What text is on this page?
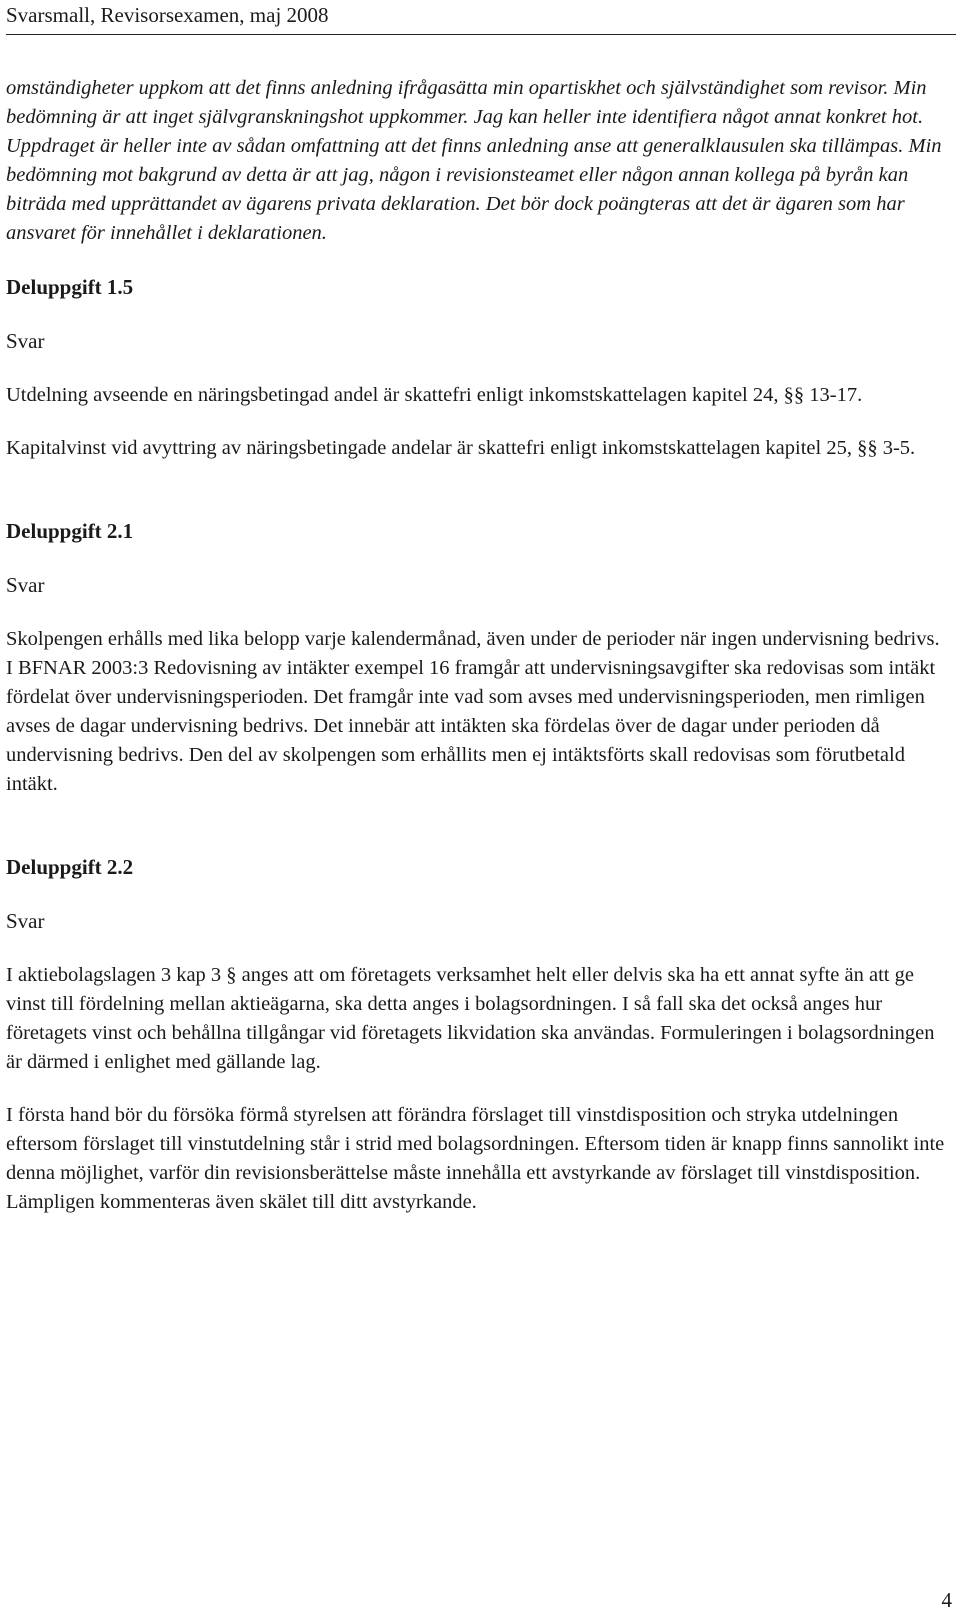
Svarsmall, Revisorsexamen, maj 2008

omständigheter uppkom att det finns anledning ifrågasätta min opartiskhet och självständighet som revisor. Min bedömning är att inget självgranskningshot uppkommer. Jag kan heller inte identifiera något annat konkret hot. Uppdraget är heller inte av sådan omfattning att det finns anledning anse att generalklausulen ska tillämpas. Min bedömning mot bakgrund av detta är att jag, någon i revisionsteamet eller någon annan kollega på byrån kan biträda med upprättandet av ägarens privata deklaration. Det bör dock poängteras att det är ägaren som har ansvaret för innehållet i deklarationen.

Deluppgift 1.5

Svar

Utdelning avseende en näringsbetingad andel är skattefri enligt inkomstskattelagen kapitel 24, §§ 13-17.

Kapitalvinst vid avyttring av näringsbetingade andelar är skattefri enligt inkomstskattelagen kapitel 25, §§ 3-5.

Deluppgift 2.1

Svar

Skolpengen erhålls med lika belopp varje kalendermånad, även under de perioder när ingen undervisning bedrivs. I BFNAR 2003:3 Redovisning av intäkter exempel 16 framgår att undervisningsavgifter ska redovisas som intäkt fördelat över undervisningsperioden. Det framgår inte vad som avses med undervisningsperioden, men rimligen avses de dagar undervisning bedrivs. Det innebär att intäkten ska fördelas över de dagar under perioden då undervisning bedrivs. Den del av skolpengen som erhållits men ej intäktsförts skall redovisas som förutbetald intäkt.

Deluppgift 2.2

Svar

I aktiebolagslagen 3 kap 3 § anges att om företagets verksamhet helt eller delvis ska ha ett annat syfte än att ge vinst till fördelning mellan aktieägarna, ska detta anges i bolagsordningen. I så fall ska det också anges hur företagets vinst och behållna tillgångar vid företagets likvidation ska användas. Formuleringen i bolagsordningen är därmed i enlighet med gällande lag.

I första hand bör du försöka förmå styrelsen att förändra förslaget till vinstdisposition och stryka utdelningen eftersom förslaget till vinstutdelning står i strid med bolagsordningen. Eftersom tiden är knapp finns sannolikt inte denna möjlighet, varför din revisionsberättelse måste innehålla ett avstyrkande av förslaget till vinstdisposition. Lämpligen kommenteras även skälet till ditt avstyrkande.

4
